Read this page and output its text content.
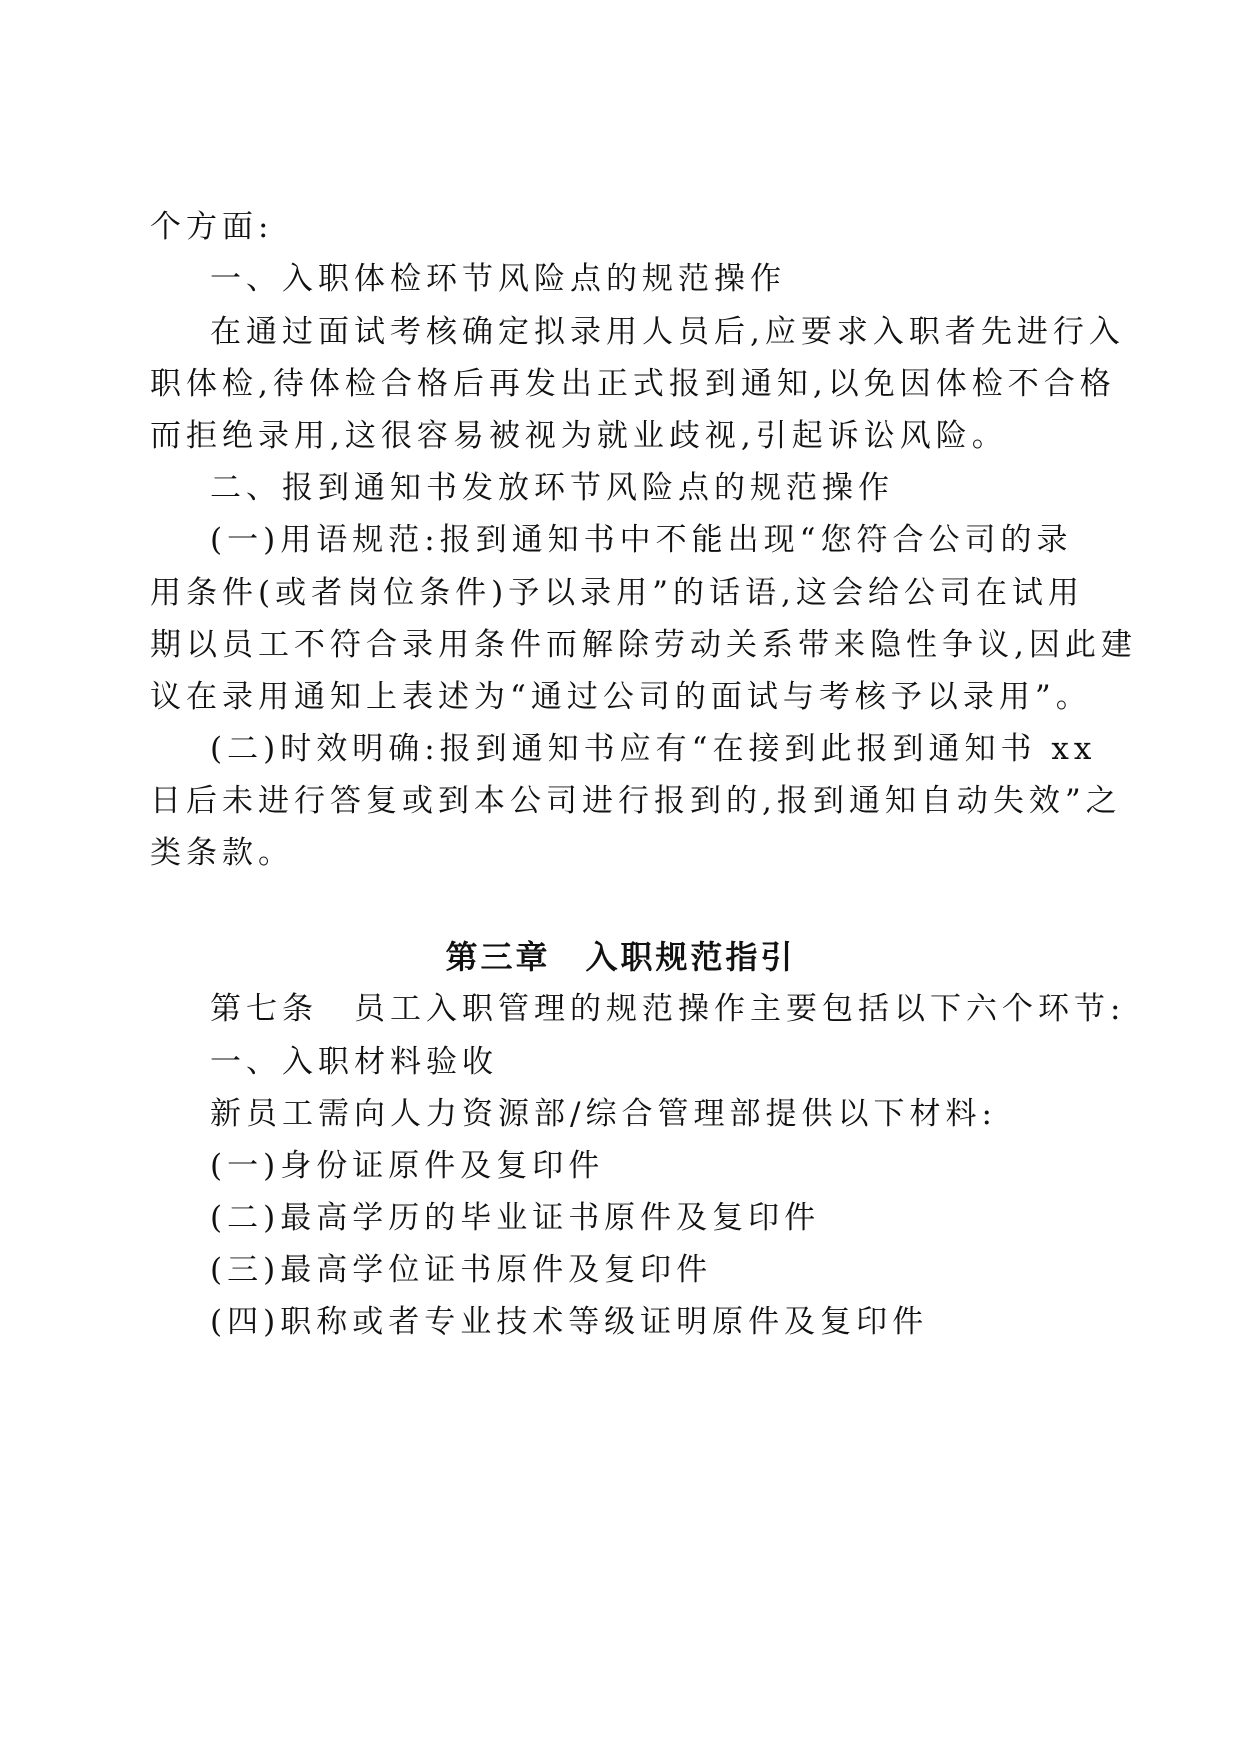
个方面:
一、入职体检环节风险点的规范操作
在通过面试考核确定拟录用人员后,应要求入职者先进行入
职体检,待体检合格后再发出正式报到通知,以免因体检不合格
而拒绝录用,这很容易被视为就业歧视,引起诉讼风险。
二、报到通知书发放环节风险点的规范操作
(一)用语规范:报到通知书中不能出现“您符合公司的录
用条件(或者岗位条件)予以录用”的话语,这会给公司在试用
期以员工不符合录用条件而解除劳动关系带来隐性争议,因此建
议在录用通知上表述为“通过公司的面试与考核予以录用”。
(二)时效明确:报到通知书应有“在接到此报到通知书 xx
日后未进行答复或到本公司进行报到的,报到通知自动失效”之
类条款。
第三章　入职规范指引
第七条　员工入职管理的规范操作主要包括以下六个环节:
一、入职材料验收
新员工需向人力资源部/综合管理部提供以下材料:
(一)身份证原件及复印件
(二)最高学历的毕业证书原件及复印件
(三)最高学位证书原件及复印件
(四)职称或者专业技术等级证明原件及复印件
